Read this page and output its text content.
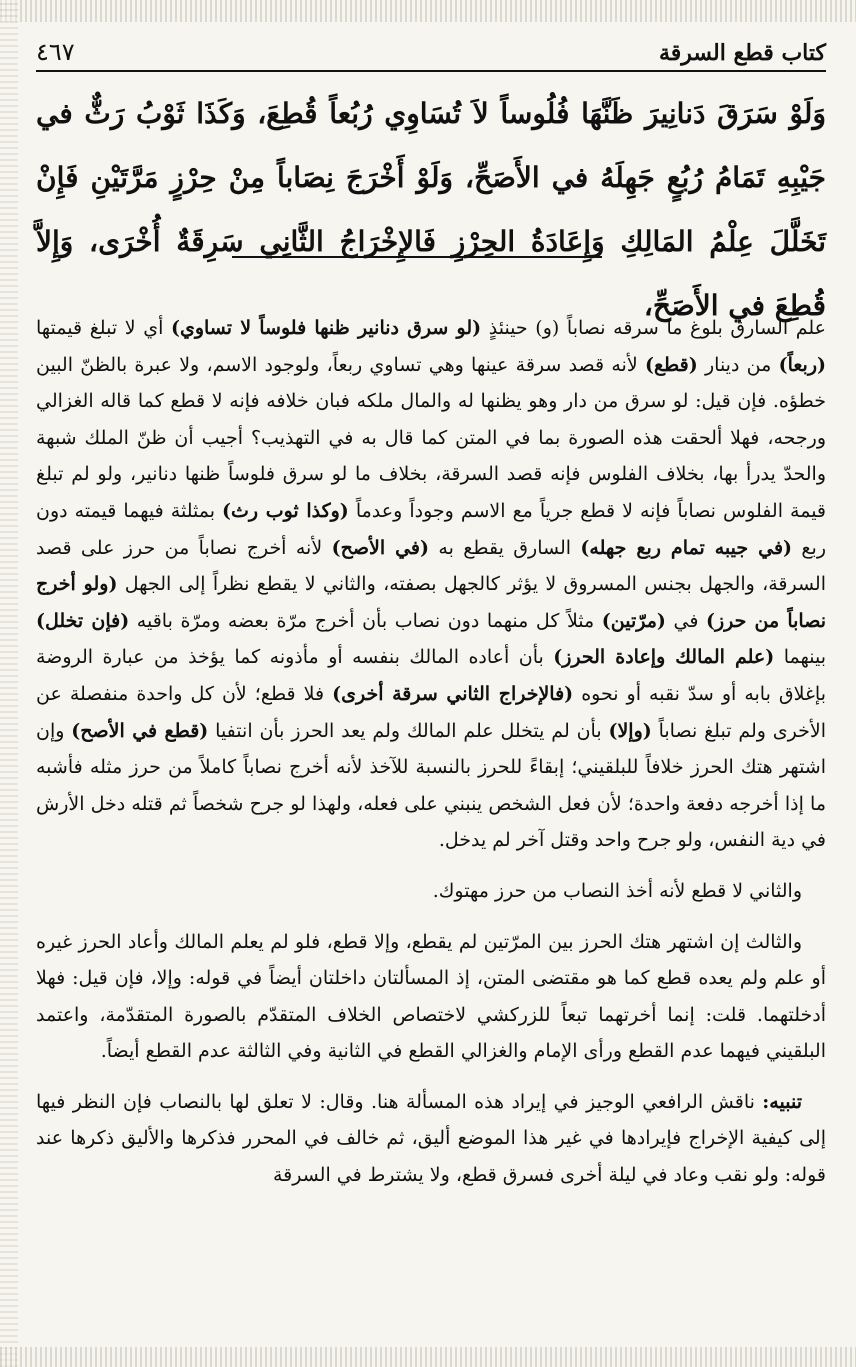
٤٦٧	كتاب قطع السرقة
وَلَوْ سَرَقَ دَنانِيرَ ظَنَّهَا فُلُوساً لاَ تُسَاوِي رُبُعاً قُطِعَ، وَكَذَا ثَوْبُ رَثٌّ في جَيْبِهِ تَمَامُ رُبُعٍ جَهِلَهُ في الأَصَحِّ، وَلَوْ أَخْرَجَ نِصَاباً مِنْ حِرْزٍ مَرَّتَيْنِ فَإِنْ تَخَلَّلَ عِلْمُ المَالِكِ وَإِعَادَةُ الحِرْزِ فَالإِخْرَاجُ الثَّانِي سَرِقَةٌ أُخْرَى، وَإِلاَّ قُطِعَ في الأَصَحِّ،

علم السارق بلوغ ما سرقه نصاباً (و) حينئذٍ (لو سرق دنانير ظنها فلوساً لا تساوي) أي لا تبلغ قيمتها (ربعاً) من دينار (قطع) لأنه قصد سرقة عينها وهي تساوي ربعاً، ولوجود الاسم، ولا عبرة بالظنّ البين خطؤه. فإن قيل: لو سرق من دار وهو يظنها له والمال ملكه فبان خلافه فإنه لا قطع كما قاله الغزالي ورجحه، فهلا ألحقت هذه الصورة بما في المتن كما قال به في التهذيب؟ أجيب أن ظنّ الملك شبهة والحدّ يدرأ بها، بخلاف الفلوس فإنه قصد السرقة، بخلاف ما لو سرق فلوساً ظنها دنانير، ولو لم تبلغ قيمة الفلوس نصاباً فإنه لا قطع جرياً مع الاسم وجوداً وعدماً (وكذا ثوب رث) بمثلثة فيهما قيمته دون ربع (في جيبه تمام ربع جهله) السارق يقطع به (في الأصح) لأنه أخرج نصاباً من حرز على قصد السرقة، والجهل بجنس المسروق لا يؤثر كالجهل بصفته، والثاني لا يقطع نظراً إلى الجهل (ولو أخرج نصاباً من حرز) في (مرّتين) مثلاً كل منهما دون نصاب بأن أخرج مرّة بعضه ومرّة باقيه (فإن تخلل) بينهما (علم المالك وإعادة الحرز) بأن أعاده المالك بنفسه أو مأذونه كما يؤخذ من عبارة الروضة بإغلاق بابه أو سدّ نقبه أو نحوه (فالإخراج الثاني سرقة أخرى) فلا قطع؛ لأن كل واحدة منفصلة عن الأخرى ولم تبلغ نصاباً (وإلا) بأن لم يتخلل علم المالك ولم يعد الحرز بأن انتفيا (قطع في الأصح) وإن اشتهر هتك الحرز خلافاً للبلقيني؛ إبقاءً للحرز بالنسبة للآخذ لأنه أخرج نصاباً كاملاً من حرز مثله فأشبه ما إذا أخرجه دفعة واحدة؛ لأن فعل الشخص ينبني على فعله، ولهذا لو جرح شخصاً ثم قتله دخل الأرش في دية النفس، ولو جرح واحد وقتل آخر لم يدخل.

والثاني لا قطع لأنه أخذ النصاب من حرز مهتوك.

والثالث إن اشتهر هتك الحرز بين المرّتين لم يقطع، وإلا قطع، فلو لم يعلم المالك وأعاد الحرز غيره أو علم ولم يعده قطع كما هو مقتضى المتن، إذ المسألتان داخلتان أيضاً في قوله: وإلا، فإن قيل: فهلا أدخلتهما. قلت: إنما أخرتهما تبعاً للزركشي لاختصاص الخلاف المتقدّم بالصورة المتقدّمة، واعتمد البلقيني فيهما عدم القطع ورأى الإمام والغزالي القطع في الثانية وفي الثالثة عدم القطع أيضاً.

تنبيه: ناقش الرافعي الوجيز في إيراد هذه المسألة هنا. وقال: لا تعلق لها بالنصاب فإن النظر فيها إلى كيفية الإخراج فإيرادها في غير هذا الموضع أليق، ثم خالف في المحرر فذكرها والأليق ذكرها عند قوله: ولو نقب وعاد في ليلة أخرى فسرق قطع، ولا يشترط في السرقة
